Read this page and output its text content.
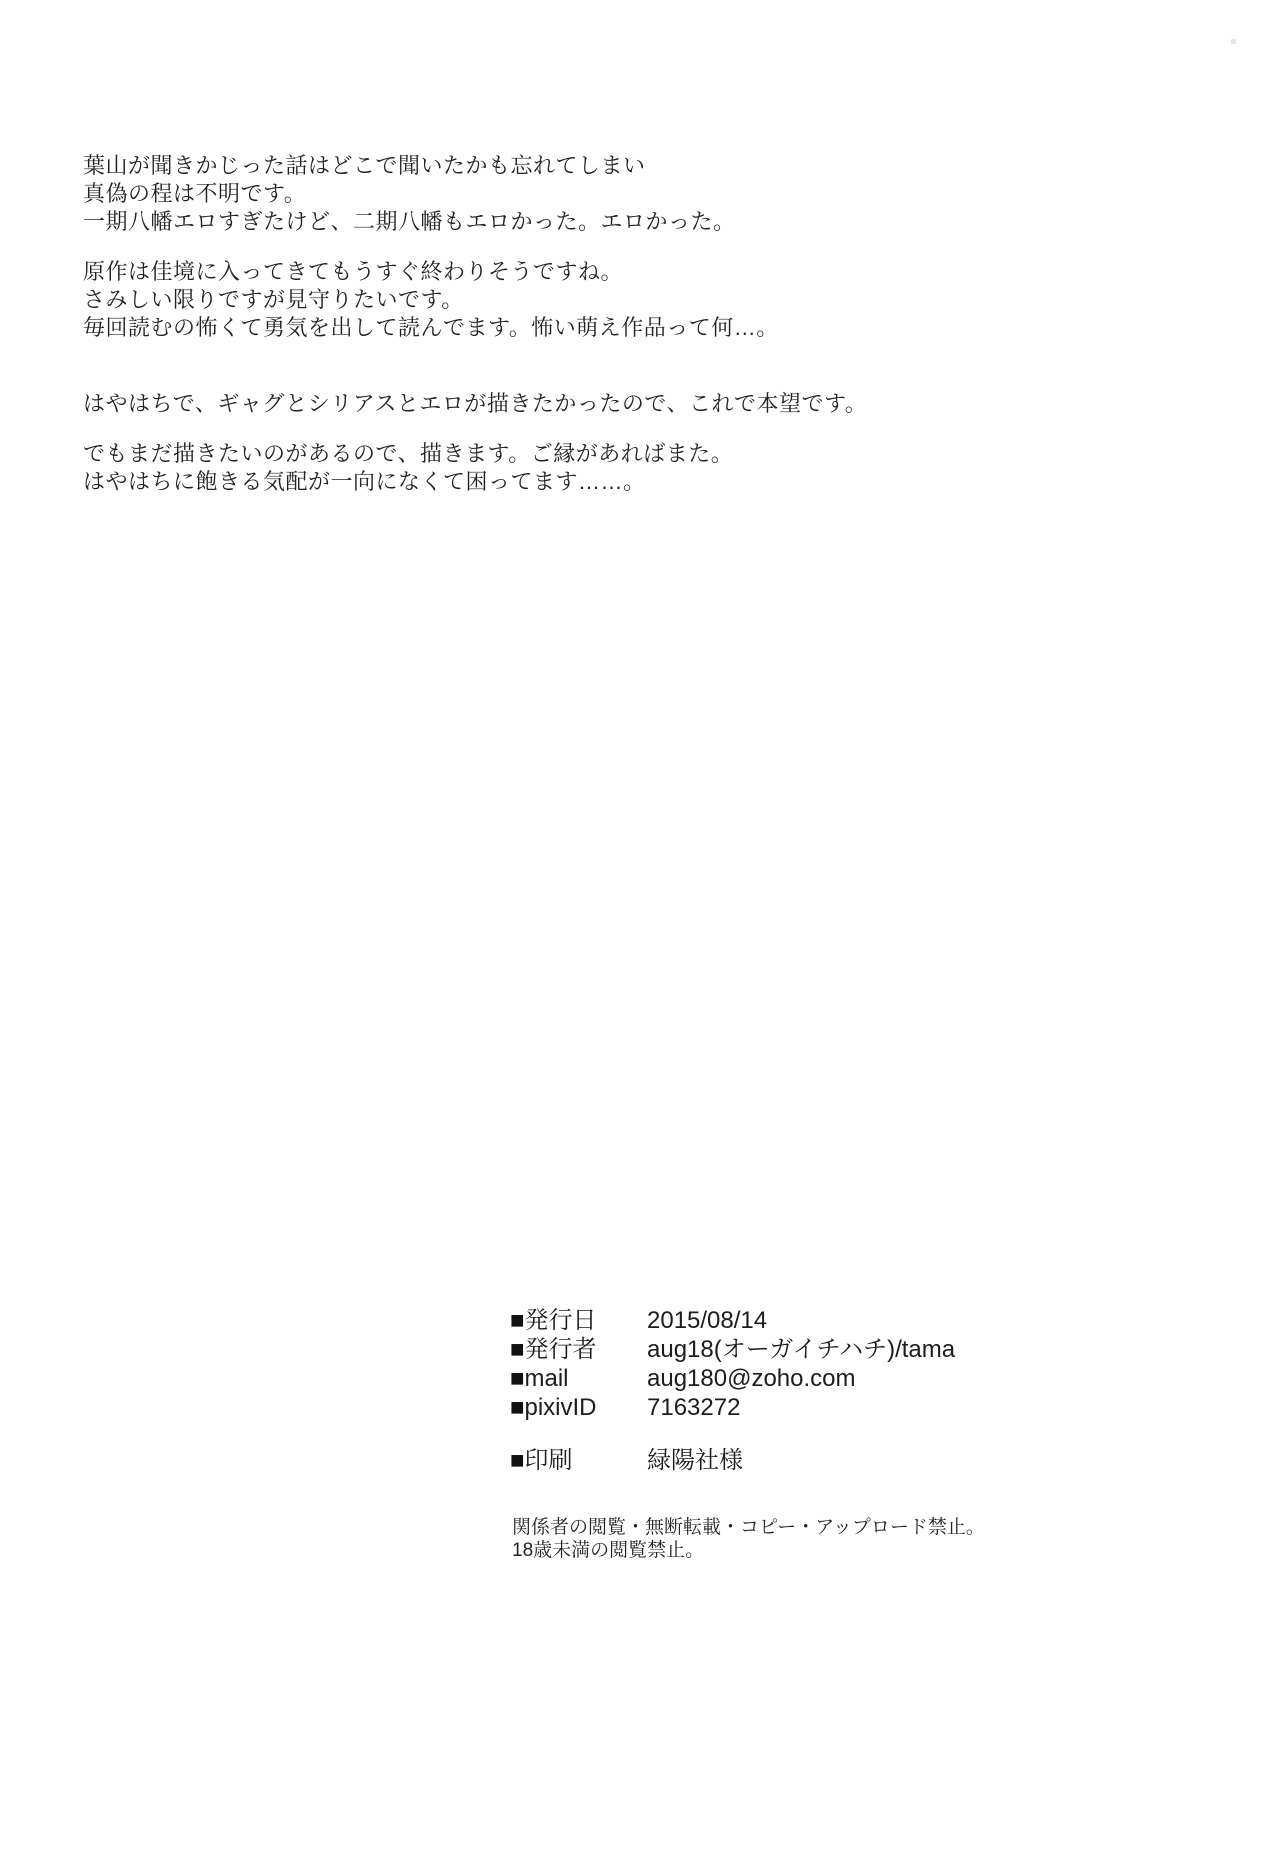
葉山が聞きかじった話はどこで聞いたかも忘れてしまい
真偽の程は不明です。
一期八幡エロすぎたけど、二期八幡もエロかった。エロかった。

原作は佳境に入ってきてもうすぐ終わりそうですね。
さみしい限りですが見守りたいです。
毎回読むの怖くて勇気を出して読んでます。怖い萌え作品って何…。

はやはちで、ギャグとシリアスとエロが描きたかったので、これで本望です。

でもまだ描きたいのがあるので、描きます。ご縁があればまた。
はやはちに飽きる気配が一向になくて困ってます……。

■発行日	2015/08/14
■発行者	aug18(オーガイチハチ)/tama
■mail	aug180@zoho.com
■pixivID	7163272
■印刷	緑陽社様
関係者の閲覧・無断転載・コピー・アップロード禁止。
18歳未満の閲覧禁止。
